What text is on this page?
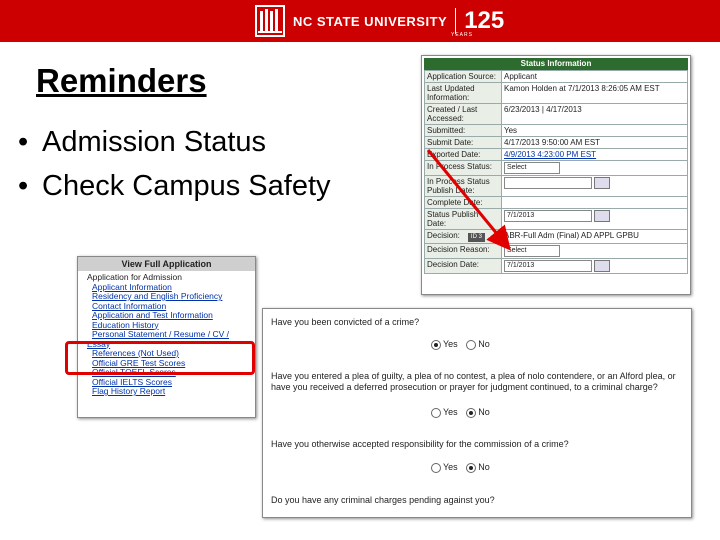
NC STATE UNIVERSITY 125
YEARS
Reminders
• Admission Status
• Check Campus Safety
Status Information
Application Source:	Applicant
Last Updated Information:	Kamon Holden at 7/1/2013 8:26:05 AM EST
Created / Last Accessed:	6/23/2013 | 4/17/2013
Submitted:	Yes
Submit Date:	4/17/2013 9:50:00 AM EST
Exported Date:	4/9/2013 4:23:00 PM EST
In Process Status:	Select
In Process Status Publish Date:	
Complete Date:	
Status Publish Date:	7/1/2013
Decision: ID 3	ABR-Full Adm (Final) AD APPL GPBU
Decision Reason:	Select
Decision Date:	7/1/2013
View Full Application
Application for Admission
Applicant Information
Residency and English Proficiency
Contact Information
Application and Test Information
Education History
Personal Statement / Resume / CV /
Essay
References (Not Used)
Official GRE Test Scores
Official TOEFL Scores
Official IELTS Scores
Flag History Report
Have you been convicted of a crime?
Yes No
Have you entered a plea of guilty, a plea of no contest, a plea of nolo contendere, or an Alford plea, or have you received a deferred prosecution or prayer for judgment continued, to a criminal charge?
Yes No
Have you otherwise accepted responsibility for the commission of a crime?
Yes No
Do you have any criminal charges pending against you?
